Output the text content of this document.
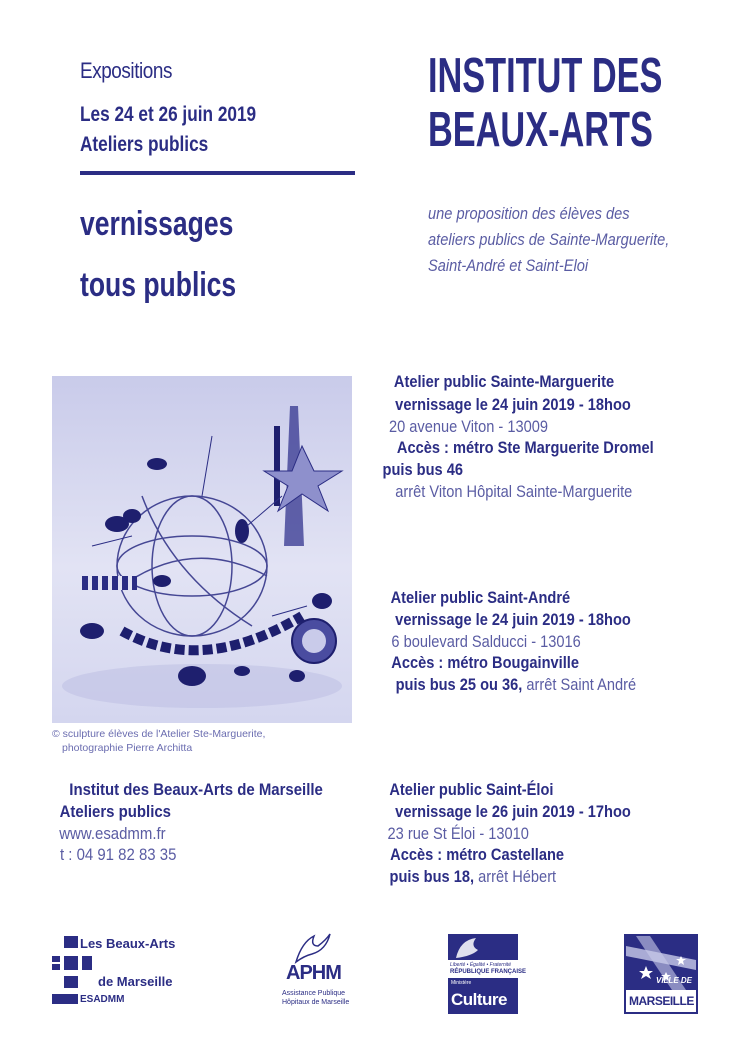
Expositions
Les 24 et 26 juin 2019
Ateliers publics
vernissages
tous publics
INSTITUT DES
BEAUX-ARTS
une proposition des élèves des
ateliers publics de Sainte-Marguerite,
Saint-André et Saint-Eloi
© sculpture élèves de l'Atelier Ste-Marguerite,
photographie Pierre Architta
Atelier public Sainte-Marguerite
vernissage le 24 juin 2019 - 18hoo
20 avenue Viton - 13009
Accès : métro Ste Marguerite Dromel
puis bus 46
arrêt Viton Hôpital Sainte-Marguerite
Atelier public Saint-André
vernissage le 24 juin 2019 - 18hoo
6 boulevard Salducci - 13016
Accès : métro Bougainville
puis bus 25 ou 36, arrêt Saint André
Atelier public Saint-Éloi
vernissage le 26 juin 2019 - 17hoo
23 rue St Éloi - 13010
Accès : métro Castellane
puis bus 18, arrêt Hébert
Institut des Beaux-Arts de Marseille
Ateliers publics
www.esadmm.fr
t : 04 91 82 83 35
Les Beaux-Arts
de Marseille
ESADMM
APHM
Assistance Publique
Hôpitaux de Marseille
Liberté • Égalité • Fraternité
RÉPUBLIQUE FRANÇAISE
Ministère
Culture
VILLE DE
MARSEILLE
